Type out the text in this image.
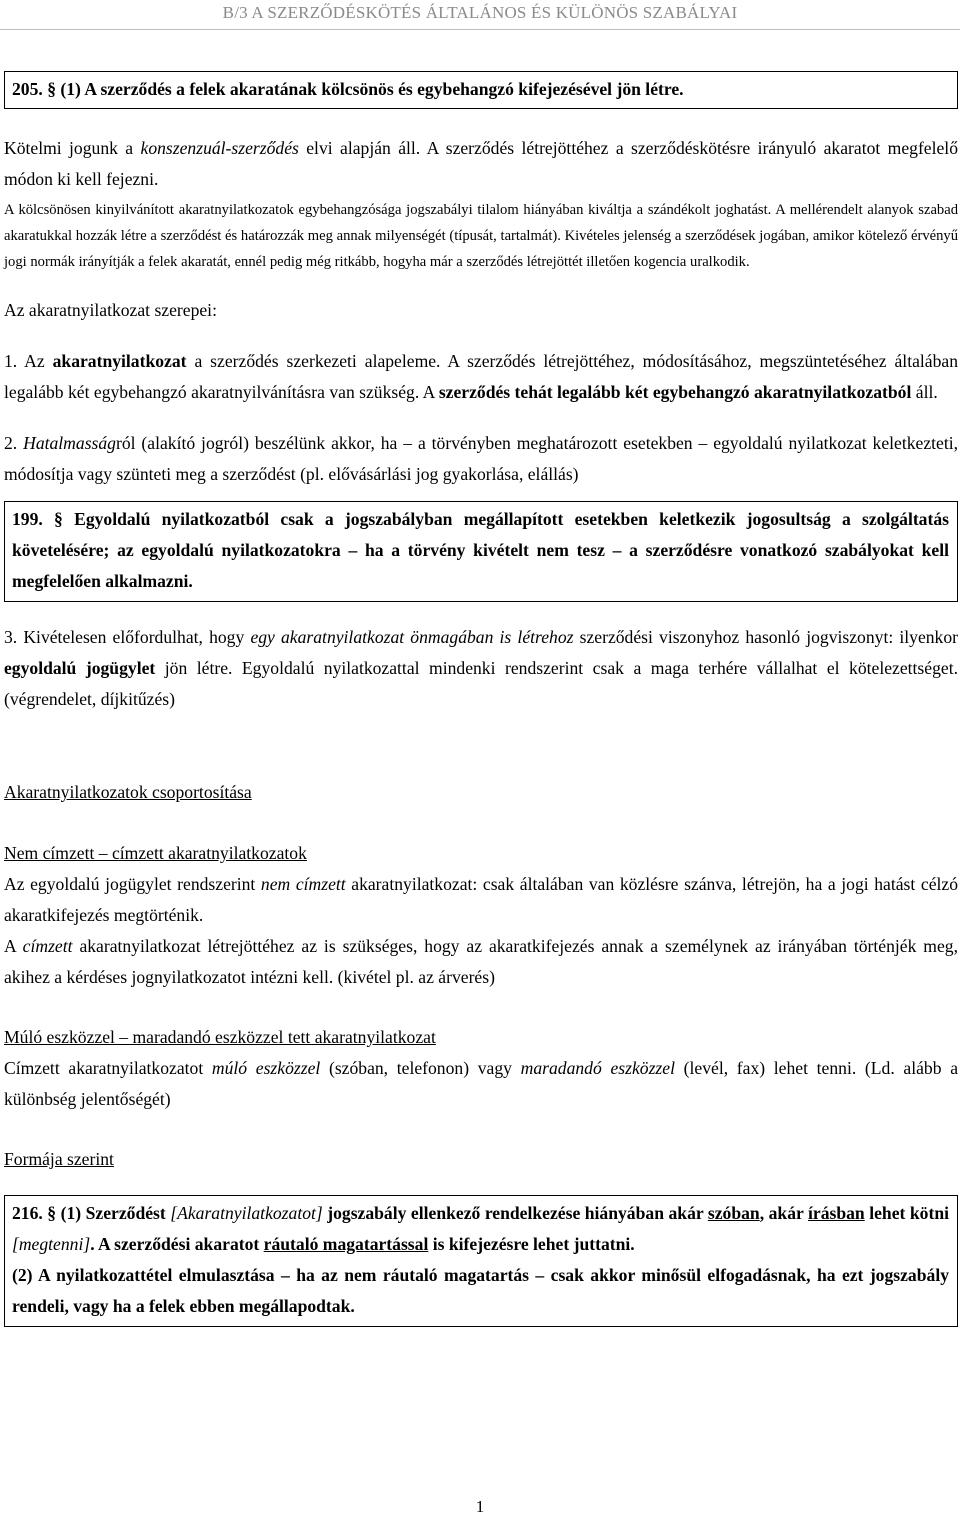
B/3 A SZERZŐDÉSKÖTÉS ÁLTALÁNOS ÉS KÜLÖNÖS SZABÁLYAI

205. § (1) A szerződés a felek akaratának kölcsönös és egybehangzó kifejezésével jön létre.

Kötelmi jogunk a konszenzuál-szerződés elvi alapján áll. A szerződés létrejöttéhez a szerződéskötésre irányuló akaratot megfelelő módon ki kell fejezni.

A kölcsönösen kinyilvánított akaratnyilatkozatok egybehangzósága jogszabályi tilalom hiányában kiváltja a szándékolt joghatást. A mellérendelt alanyok szabad akaratukkal hozzák létre a szerződést és határozzák meg annak milyenségét (típusát, tartalmát). Kivételes jelenség a szerződések jogában, amikor kötelező érvényű jogi normák irányítják a felek akaratát, ennél pedig még ritkább, hogyha már a szerződés létrejöttét illetően kogencia uralkodik.

Az akaratnyilatkozat szerepei:

1. Az akaratnyilatkozat a szerződés szerkezeti alapeleme. A szerződés létrejöttéhez, módosításához, megszüntetéséhez általában legalább két egybehangzó akaratnyilvánításra van szükség. A szerződés tehát legalább két egybehangzó akaratnyilatkozatból áll.

2. Hatalmasságról (alakító jogról) beszélünk akkor, ha – a törvényben meghatározott esetekben – egyoldalú nyilatkozat keletkezteti, módosítja vagy szünteti meg a szerződést (pl. elővásárlási jog gyakorlása, elállás)

199. § Egyoldalú nyilatkozatból csak a jogszabályban megállapított esetekben keletkezik jogosultság a szolgáltatás követelésére; az egyoldalú nyilatkozatokra – ha a törvény kivételt nem tesz – a szerződésre vonatkozó szabályokat kell megfelelően alkalmazni.

3. Kivételesen előfordulhat, hogy egy akaratnyilatkozat önmagában is létrehoz szerződési viszonyhoz hasonló jogviszonyt: ilyenkor egyoldalú jogügylet jön létre. Egyoldalú nyilatkozattal mindenki rendszerint csak a maga terhére vállalhat el kötelezettséget. (végrendelet, díjkitűzés)

Akaratnyilatkozatok csoportosítása

Nem címzett – címzett akaratnyilatkozatok

Az egyoldalú jogügylet rendszerint nem címzett akaratnyilatkozat: csak általában van közlésre szánva, létrejön, ha a jogi hatást célzó akaratkifejezés megtörténik.

A címzett akaratnyilatkozat létrejöttéhez az is szükséges, hogy az akaratkifejezés annak a személynek az irányában történjék meg, akihez a kérdéses jognyilatkozatot intézni kell. (kivétel pl. az árverés)

Múló eszközzel – maradandó eszközzel tett akaratnyilatkozat

Címzett akaratnyilatkozatot múló eszközzel (szóban, telefonon) vagy maradandó eszközzel (levél, fax) lehet tenni. (Ld. alább a különbség jelentőségét)

Formája szerint

216. § (1) Szerződést [Akaratnyilatkozatot] jogszabály ellenkező rendelkezése hiányában akár szóban, akár írásban lehet kötni [megtenni]. A szerződési akaratot ráutaló magatartással is kifejezésre lehet juttatni.

(2) A nyilatkozattétel elmulasztása – ha az nem ráutaló magatartás – csak akkor minősül elfogadásnak, ha ezt jogszabály rendeli, vagy ha a felek ebben megállapodtak.

1
